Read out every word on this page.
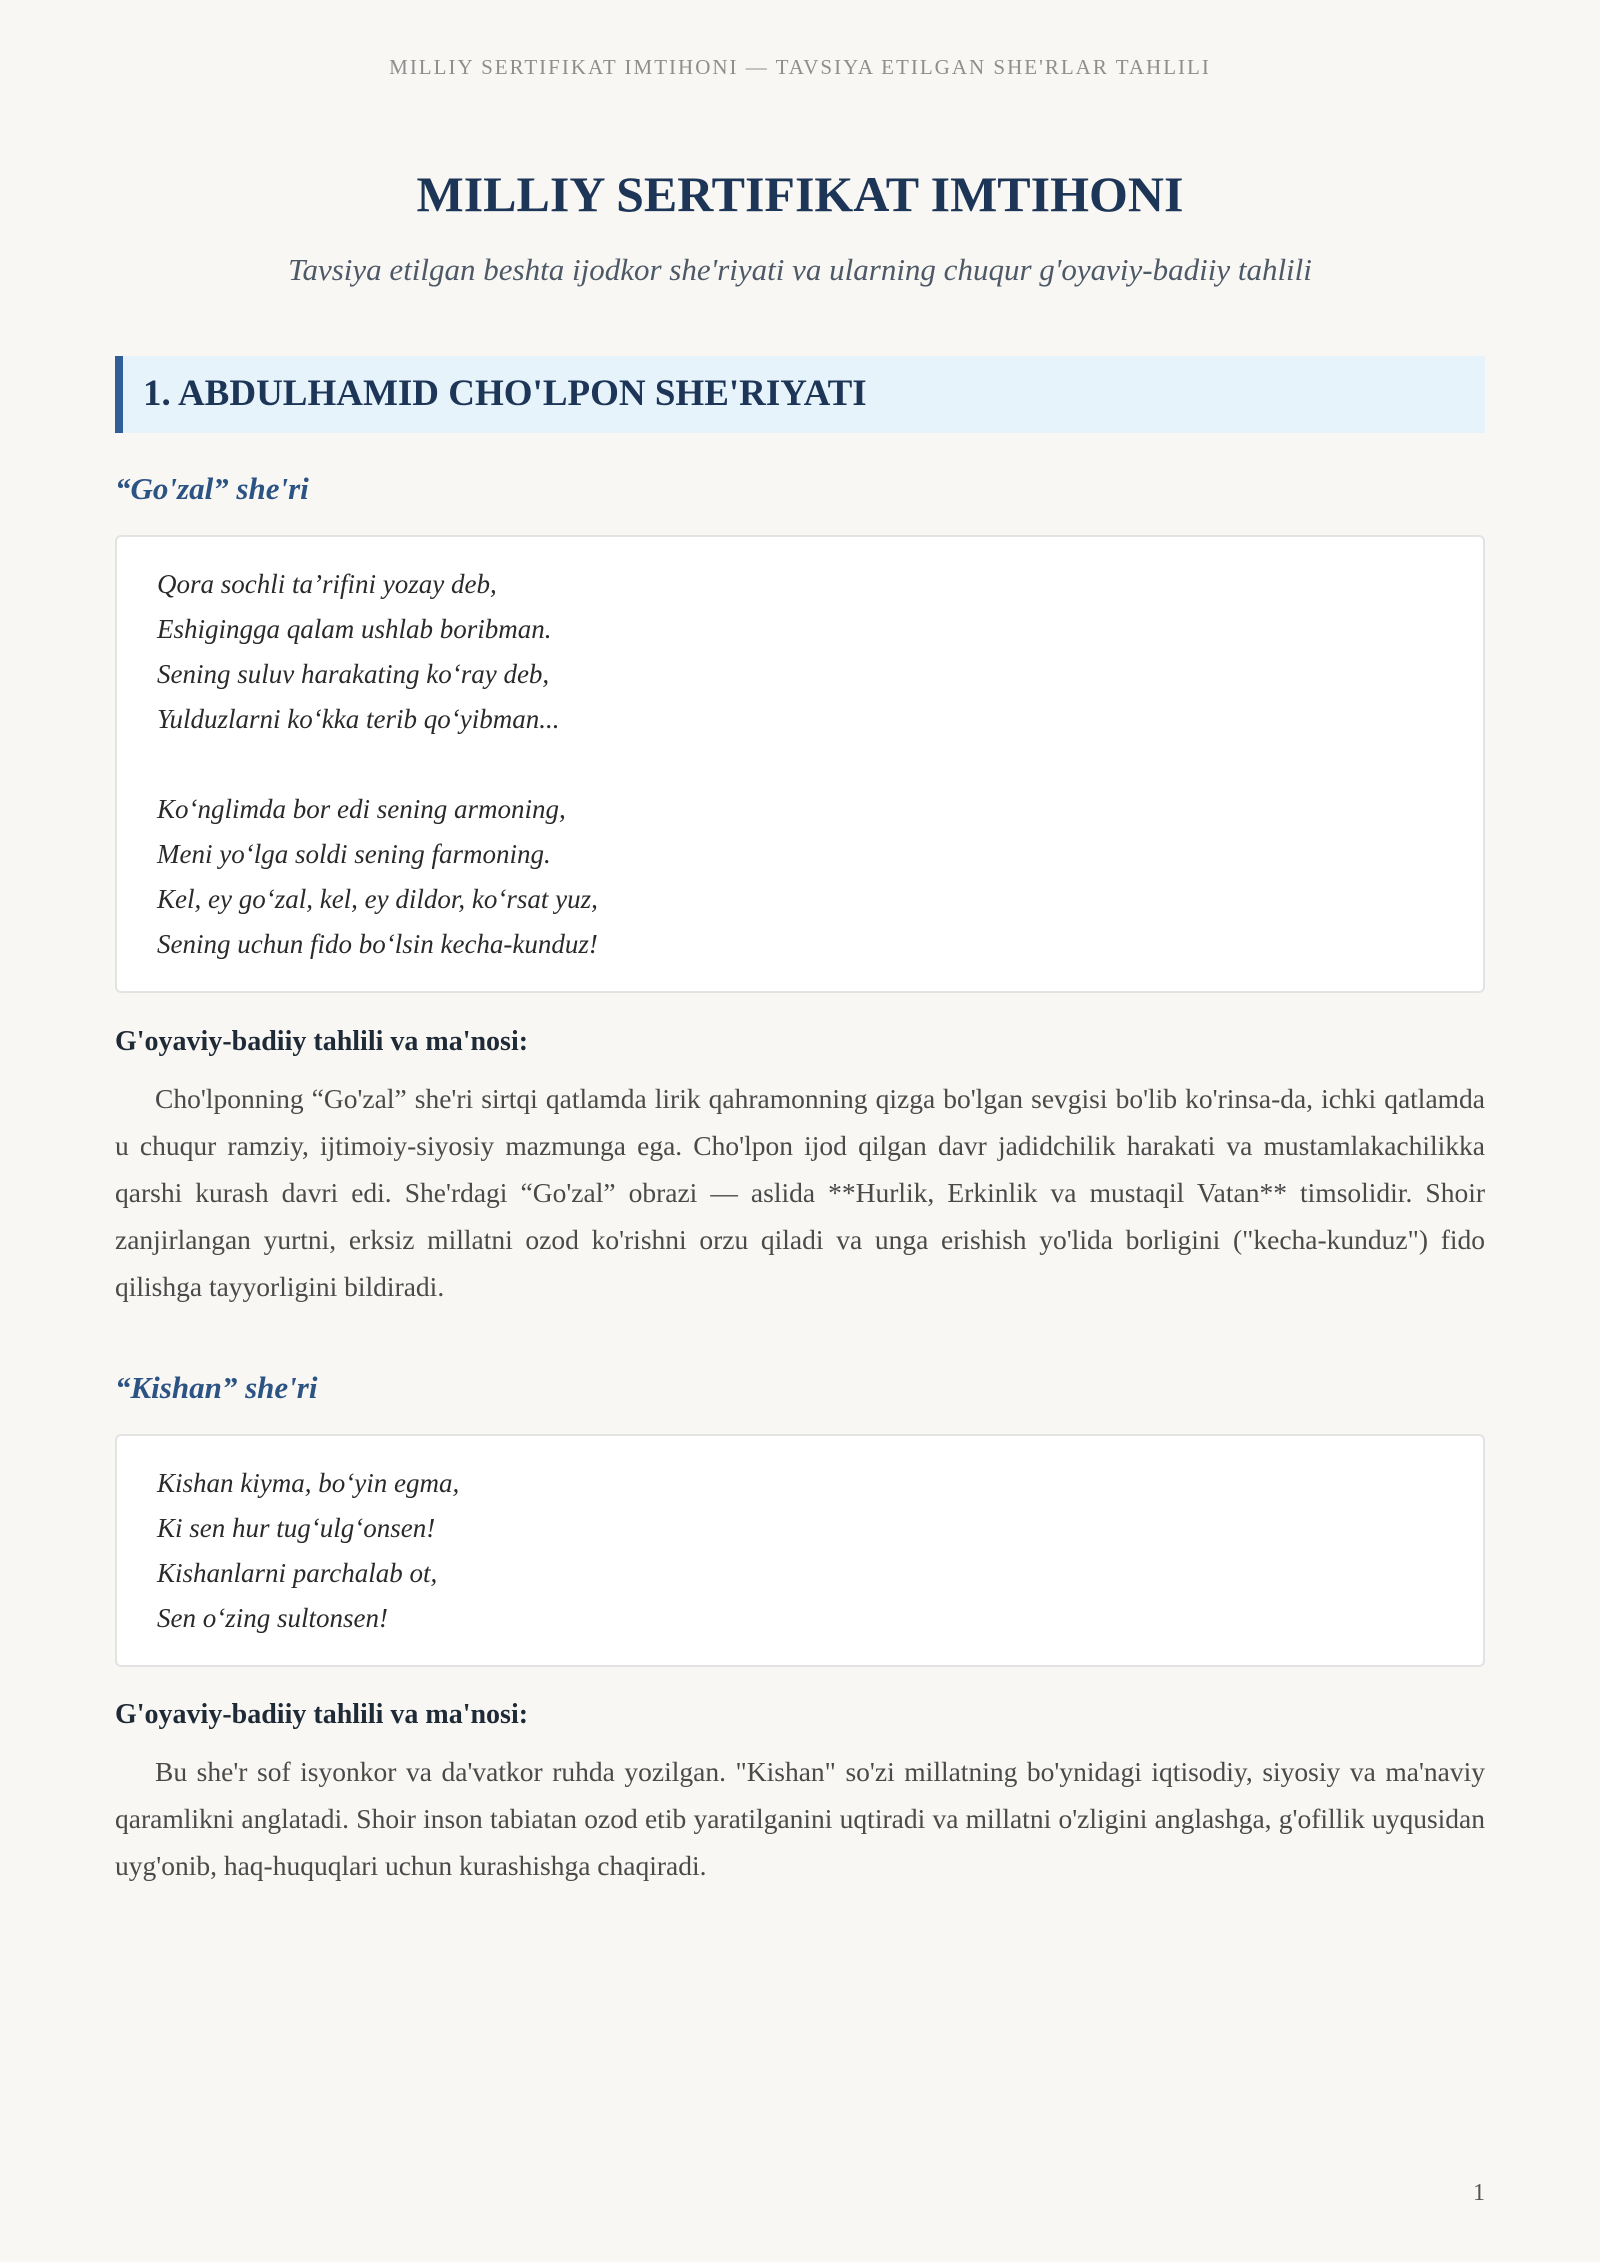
MILLIY SERTIFIKAT IMTIHONI — TAVSIYA ETILGAN SHE'RLAR TAHLILI
MILLIY SERTIFIKAT IMTIHONI
Tavsiya etilgan beshta ijodkor she'riyati va ularning chuqur g'oyaviy-badiiy tahlili
1. ABDULHAMID CHO'LPON SHE'RIYATI
“Go'zal” she'ri
Qora sochli ta’rifini yozay deb,
Eshigingga qalam ushlab boribman.
Sening suluv harakating ko‘ray deb,
Yulduzlarni ko‘kka terib qo‘yibman...
Ko‘nglimda bor edi sening armoning,
Meni yo‘lga soldi sening farmoning.
Kel, ey go‘zal, kel, ey dildor, ko‘rsat yuz,
Sening uchun fido bo‘lsin kecha-kunduz!
G'oyaviy-badiiy tahlili va ma'nosi:

Cho'lponning “Go'zal” she'ri sirtqi qatlamda lirik qahramonning qizga bo'lgan sevgisi bo'lib ko'rinsa-da, ichki qatlamda u chuqur ramziy, ijtimoiy-siyosiy mazmunga ega. Cho'lpon ijod qilgan davr jadidchilik harakati va mustamlakachilikka qarshi kurash davri edi. She'rdagi “Go'zal” obrazi — aslida **Hurlik, Erkinlik va mustaqil Vatan** timsolidir. Shoir zanjirlangan yurtni, erksiz millatni ozod ko'rishni orzu qiladi va unga erishish yo'lida borligini ("kecha-kunduz") fido qilishga tayyorligini bildiradi.

“Kishan” she'ri
Kishan kiyma, bo‘yin egma,
Ki sen hur tug‘ulg‘onsen!
Kishanlarni parchalab ot,
Sen o‘zing sultonsen!
G'oyaviy-badiiy tahlili va ma'nosi:

Bu she'r sof isyonkor va da'vatkor ruhda yozilgan. "Kishan" so'zi millatning bo'ynidagi iqtisodiy, siyosiy va ma'naviy qaramlikni anglatadi. Shoir inson tabiatan ozod etib yaratilganini uqtiradi va millatni o'zligini anglashga, g'ofillik uyqusidan uyg'onib, haq-huquqlari uchun kurashishga chaqiradi.

1
